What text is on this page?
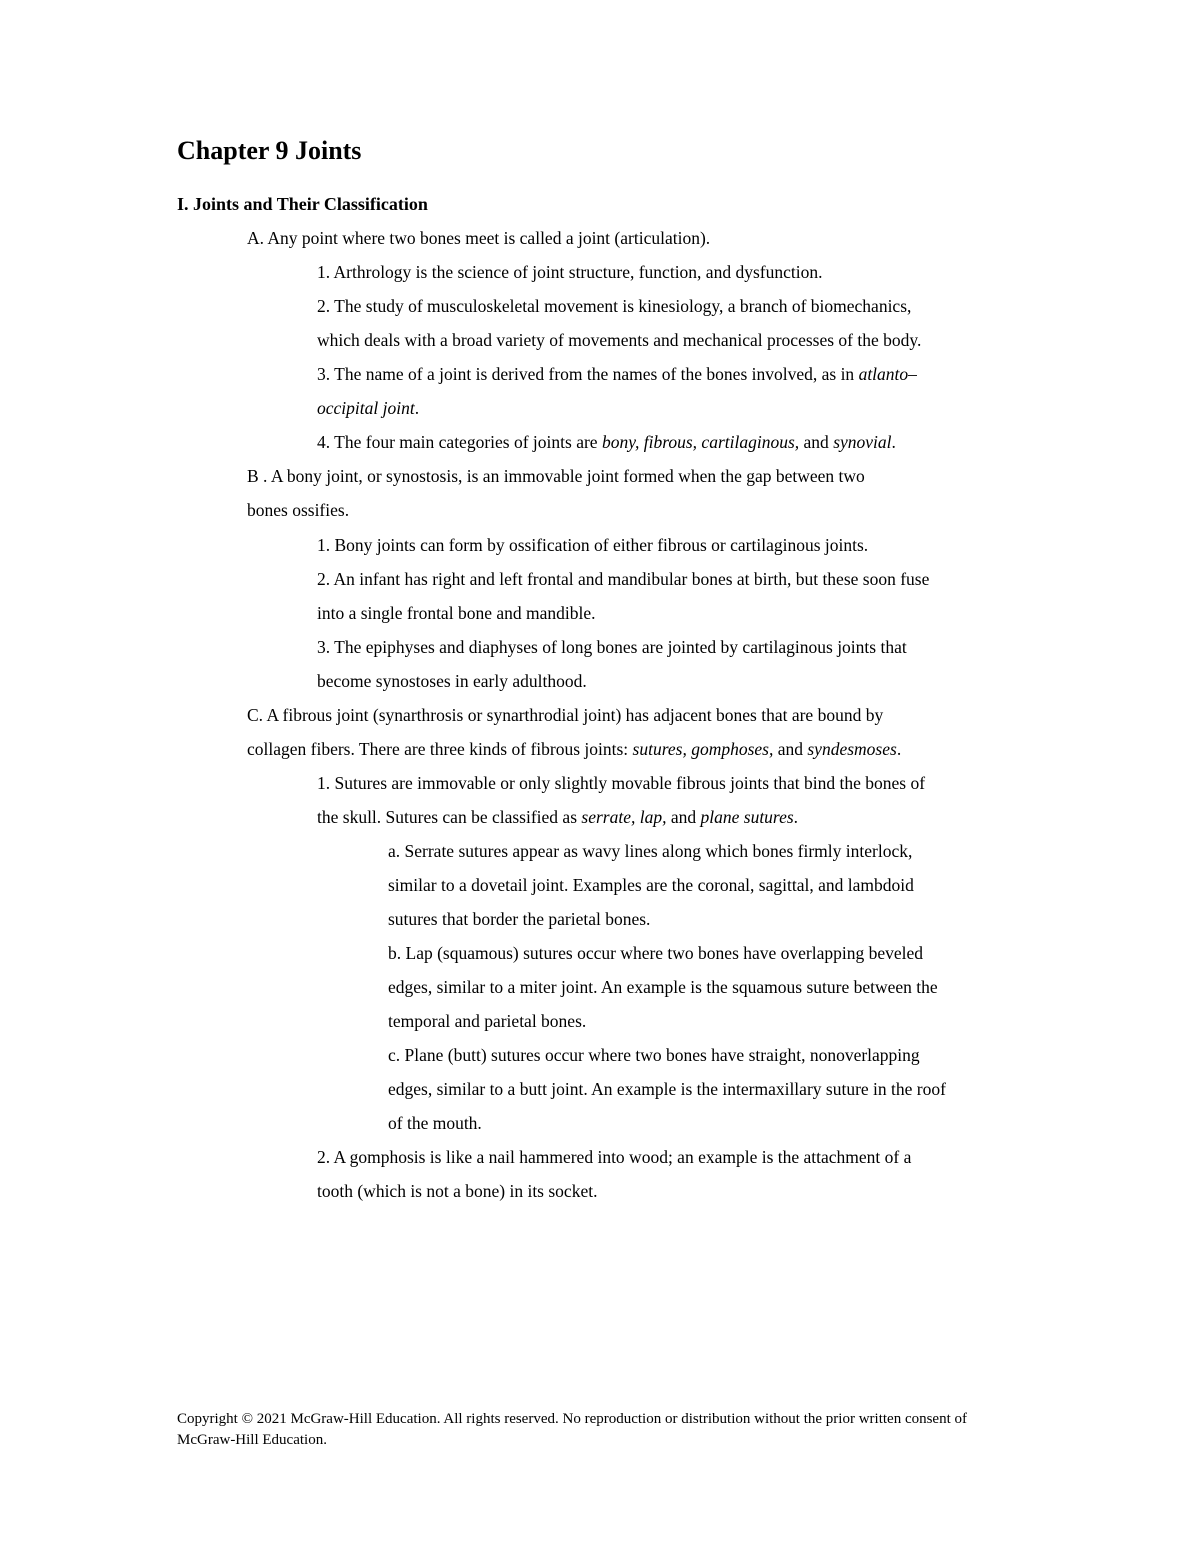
Chapter 9 Joints
I. Joints and Their Classification

A. Any point where two bones meet is called a joint (articulation).

1. Arthrology is the science of joint structure, function, and dysfunction.

2. The study of musculoskeletal movement is kinesiology, a branch of biomechanics,

which deals with a broad variety of movements and mechanical processes of the body.

3. The name of a joint is derived from the names of the bones involved, as in atlanto–

occipital joint.

4. The four main categories of joints are bony, fibrous, cartilaginous, and synovial.

B . A bony joint, or synostosis, is an immovable joint formed when the gap between two

bones ossifies.

1. Bony joints can form by ossification of either fibrous or cartilaginous joints.

2. An infant has right and left frontal and mandibular bones at birth, but these soon fuse

into a single frontal bone and mandible.

3. The epiphyses and diaphyses of long bones are jointed by cartilaginous joints that

become synostoses in early adulthood.

C. A fibrous joint (synarthrosis or synarthrodial joint) has adjacent bones that are bound by

collagen fibers. There are three kinds of fibrous joints: sutures, gomphoses, and syndesmoses.

1. Sutures are immovable or only slightly movable fibrous joints that bind the bones of

the skull. Sutures can be classified as serrate, lap, and plane sutures.

a. Serrate sutures appear as wavy lines along which bones firmly interlock,

similar to a dovetail joint. Examples are the coronal, sagittal, and lambdoid

sutures that border the parietal bones.

b. Lap (squamous) sutures occur where two bones have overlapping beveled

edges, similar to a miter joint. An example is the squamous suture between the

temporal and parietal bones.

c. Plane (butt) sutures occur where two bones have straight, nonoverlapping

edges, similar to a butt joint. An example is the intermaxillary suture in the roof

of the mouth.

2. A gomphosis is like a nail hammered into wood; an example is the attachment of a

tooth (which is not a bone) in its socket.

Copyright © 2021 McGraw-Hill Education. All rights reserved. No reproduction or distribution without the prior written consent of McGraw-Hill Education.
